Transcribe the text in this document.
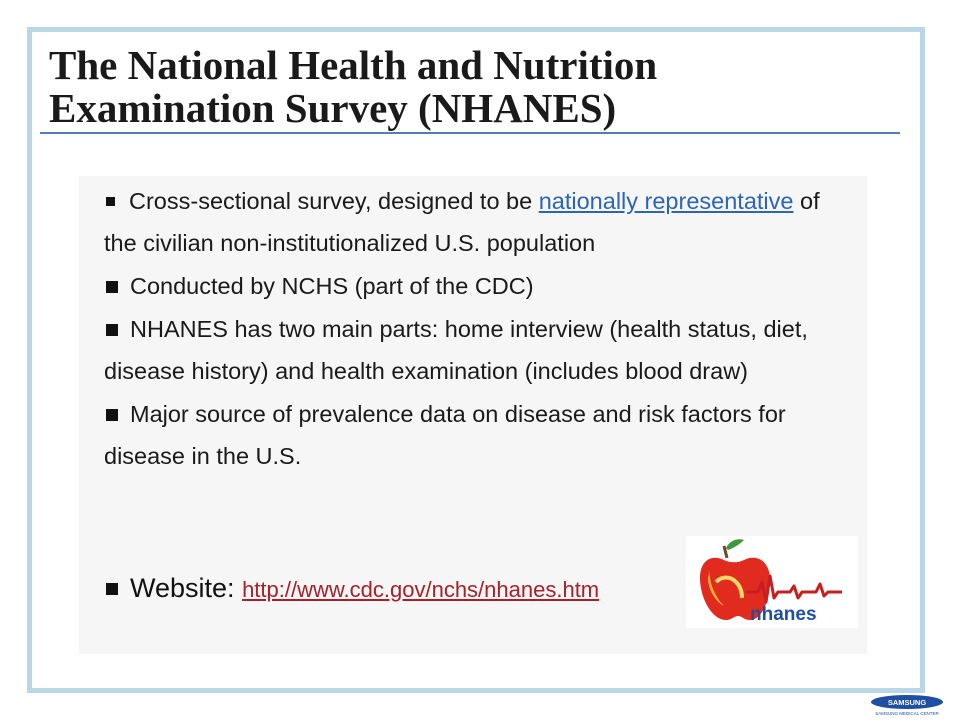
The National Health and Nutrition Examination Survey (NHANES)

Cross-sectional survey, designed to be nationally representative of the civilian non-institutionalized U.S. population

Conducted by NCHS (part of the CDC)

NHANES has two main parts: home interview (health status, diet, disease history) and health examination (includes blood draw)

Major source of prevalence data on disease and risk factors for disease in the U.S.

Website: http://www.cdc.gov/nchs/nhanes.htm
nhanes
SAMSUNG
SAMSUNG MEDICAL CENTER
